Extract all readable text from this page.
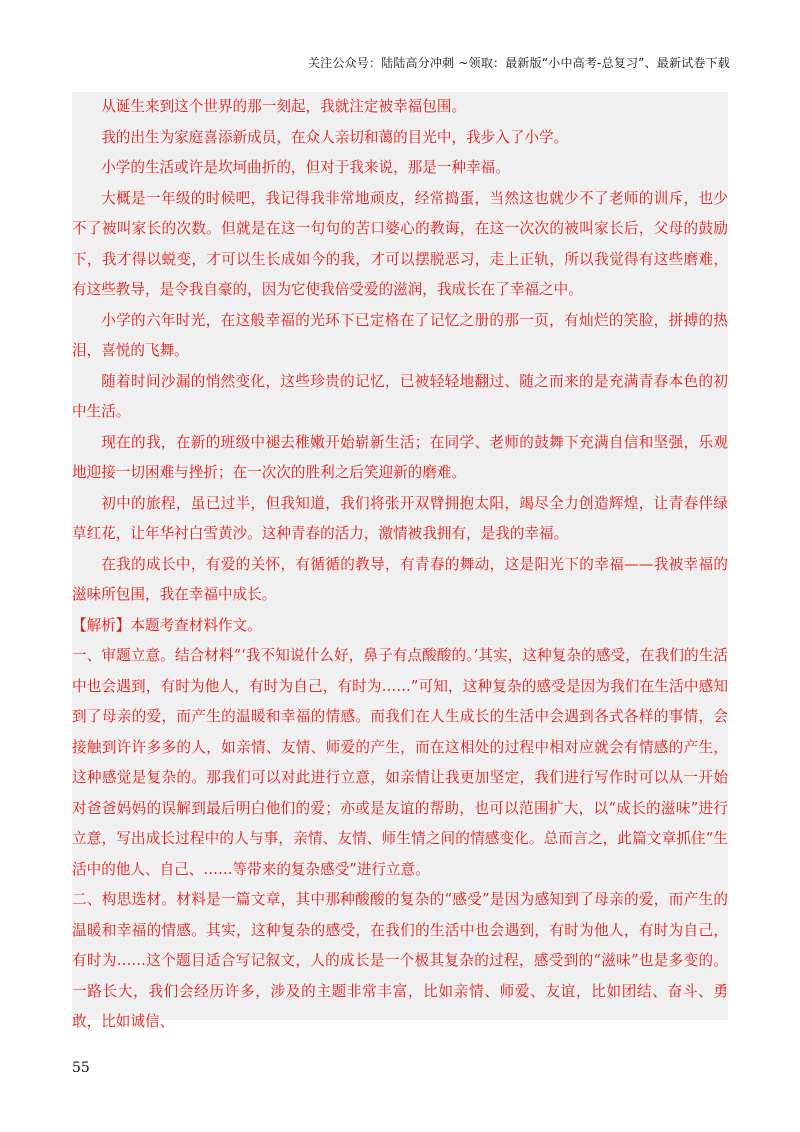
关注公众号：陆陆高分冲刺 ~领取：最新版“小中高考-总复习”、最新试卷下载

从诞生来到这个世界的那一刻起，我就注定被幸福包围。

我的出生为家庭喜添新成员，在众人亲切和蔼的目光中，我步入了小学。

小学的生活或许是坎坷曲折的，但对于我来说，那是一种幸福。

大概是一年级的时候吧，我记得我非常地顽皮，经常捣蛋，当然这也就少不了老师的训斥，也少不了被叫家长的次数。但就是在这一句句的苦口婆心的教诲，在这一次次的被叫家长后，父母的鼓励下，我才得以蜕变，才可以生长成如今的我，才可以摆脱恶习，走上正轨，所以我觉得有这些磨难，有这些教导，是令我自豪的，因为它使我倍受爱的滋润，我成长在了幸福之中。

小学的六年时光，在这般幸福的光环下已定格在了记忆之册的那一页，有灿烂的笑脸，拼搏的热泪，喜悦的飞舞。

随着时间沙漏的悄然变化，这些珍贵的记忆，已被轻轻地翻过、随之而来的是充满青春本色的初中生活。

现在的我，在新的班级中褪去稚嫩开始崭新生活；在同学、老师的鼓舞下充满自信和坚强，乐观地迎接一切困难与挫折；在一次次的胜利之后笑迎新的磨难。

初中的旅程，虽已过半，但我知道，我们将张开双臂拥抱太阳，竭尽全力创造辉煌，让青春伴绿草红花，让年华衬白雪黄沙。这种青春的活力，激情被我拥有，是我的幸福。

在我的成长中，有爱的关怀，有循循的教导，有青春的舞动，这是阳光下的幸福——我被幸福的滋味所包围，我在幸福中成长。

【解析】本题考查材料作文。

一、审题立意。结合材料“‘我不知说什么好，鼻子有点酸酸的。’其实，这种复杂的感受，在我们的生活中也会遇到，有时为他人，有时为自己，有时为……”可知，这种复杂的感受是因为我们在生活中感知到了母亲的爱，而产生的温暖和幸福的情感。而我们在人生成长的生活中会遇到各式各样的事情，会接触到许许多多的人，如亲情、友情、师爱的产生，而在这相处的过程中相对应就会有情感的产生，这种感觉是复杂的。那我们可以对此进行立意，如亲情让我更加坚定，我们进行写作时可以从一开始对爸爸妈妈的误解到最后明白他们的爱；亦或是友谊的帮助，也可以范围扩大，以“成长的滋味”进行立意，写出成长过程中的人与事，亲情、友情、师生情之间的情感变化。总而言之，此篇文章抓住“生活中的他人、自己、……等带来的复杂感受”进行立意。

二、构思选材。材料是一篇文章，其中那种酸酸的复杂的“感受”是因为感知到了母亲的爱，而产生的温暖和幸福的情感。其实，这种复杂的感受，在我们的生活中也会遇到，有时为他人，有时为自己，有时为……这个题目适合写记叙文，人的成长是一个极其复杂的过程，感受到的“滋味”也是多变的。一路长大，我们会经历许多，涉及的主题非常丰富，比如亲情、师爱、友谊，比如团结、奋斗、勇敢，比如诚信、

55
